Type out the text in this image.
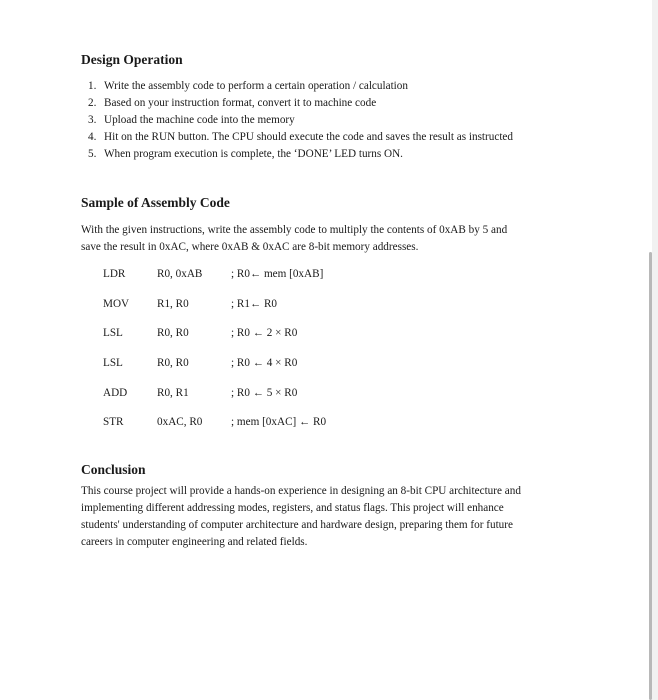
Design Operation
1. Write the assembly code to perform a certain operation / calculation
2. Based on your instruction format, convert it to machine code
3. Upload the machine code into the memory
4. Hit on the RUN button. The CPU should execute the code and saves the result as instructed
5. When program execution is complete, the ‘DONE’ LED turns ON.
Sample of Assembly Code
With the given instructions, write the assembly code to multiply the contents of 0xAB by 5 and
save the result in 0xAC, where 0xAB & 0xAC are 8-bit memory addresses.
LDR	R0, 0xAB	; R0← mem [0xAB]
MOV R1, R0	; R1← R0
LSL	R0, R0	; R0 ← 2 × R0
LSL	R0, R0	; R0 ← 4 × R0
ADD	R0, R1	; R0 ← 5 × R0
STR	0xAC, R0	; mem [0xAC] ← R0
Conclusion
This course project will provide a hands-on experience in designing an 8-bit CPU architecture and
implementing different addressing modes, registers, and status flags. This project will enhance
students' understanding of computer architecture and hardware design, preparing them for future
careers in computer engineering and related fields.
